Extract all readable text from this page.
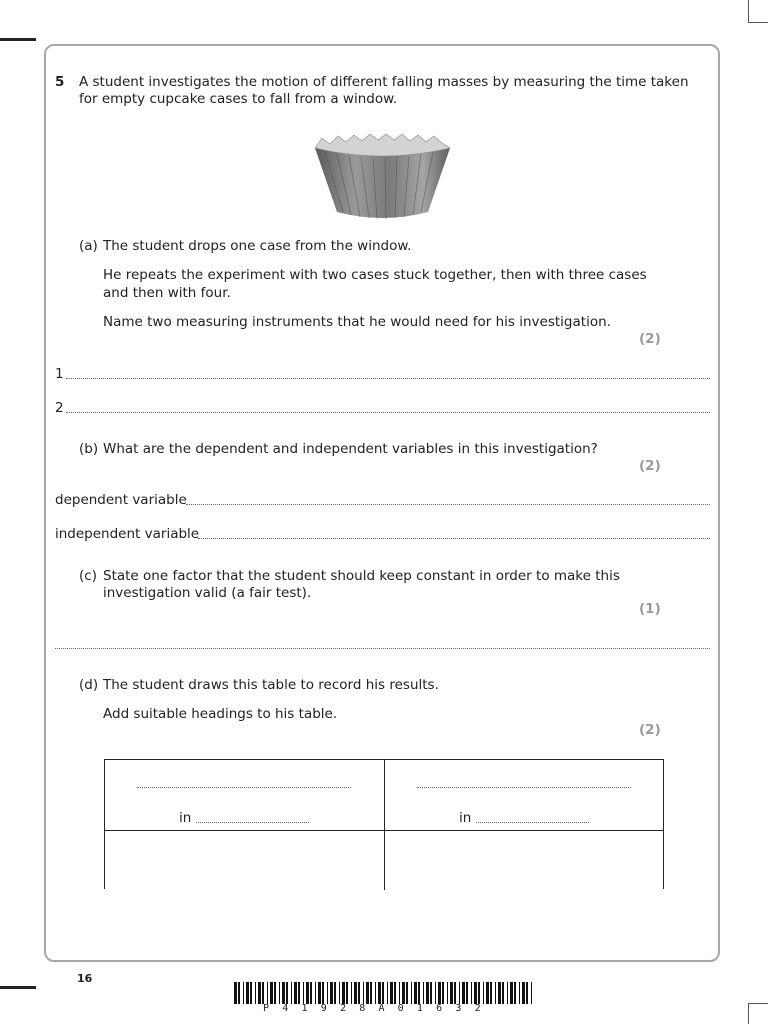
5 A student investigates the motion of different falling masses by measuring the time taken
for empty cupcake cases to fall from a window.
(a) The student drops one case from the window.
He repeats the experiment with two cases stuck together, then with three cases
and then with four.
Name two measuring instruments that he would need for his investigation.
(2)
1
2
(b) What are the dependent and independent variables in this investigation?
(2)
dependent variable
independent variable
(c) State one factor that the student should keep constant in order to make this
investigation valid (a fair test).
(1)
(d) The student draws this table to record his results.
Add suitable headings to his table.
(2)
in	in
16
P 4 1 9 2 8 A 0 1 6 3 2
